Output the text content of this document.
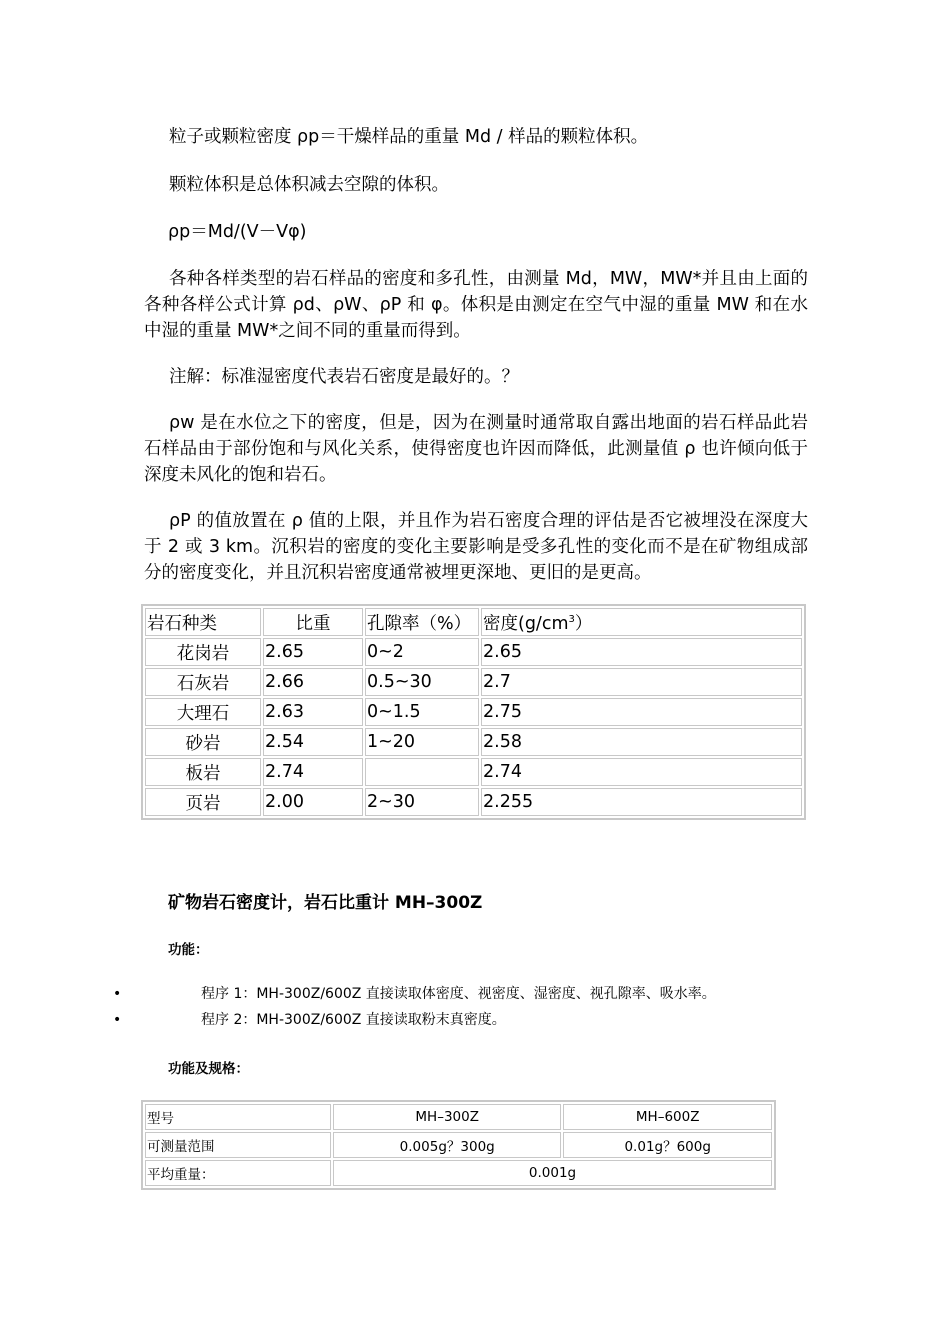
粒子或颗粒密度 ρp＝干燥样品的重量 Md / 样品的颗粒体积。

颗粒体积是总体积减去空隙的体积。

ρp＝Md/(V－Vφ)

各种各样类型的岩石样品的密度和多孔性，由测量 Md，MW，MW*并且由上面的各种各样公式计算 ρd、ρW、ρP 和 φ。体积是由测定在空气中湿的重量 MW 和在水中湿的重量 MW*之间不同的重量而得到。

注解：标准湿密度代表岩石密度是最好的。？

ρw 是在水位之下的密度，但是，因为在测量时通常取自露出地面的岩石样品此岩石样品由于部份饱和与风化关系，使得密度也许因而降低，此测量值 ρ 也许倾向低于深度未风化的饱和岩石。

ρP 的值放置在 ρ 值的上限，并且作为岩石密度合理的评估是否它被埋没在深度大于 2 或 3 km。沉积岩的密度的变化主要影响是受多孔性的变化而不是在矿物组成部分的密度变化，并且沉积岩密度通常被埋更深地、更旧的是更高。

岩石种类	比重	孔隙率（%）	密度$(g/cm^3)$
花岗岩	2.65	0~2	2.65
石灰岩	2.66	0.5~30	2.7
大理石	2.63	0~1.5	2.75
砂岩	2.54	1~20	2.58
板岩	2.74		2.74
页岩	2.00	2~30	2.255

矿物岩石密度计，岩石比重计 MH–300Z

功能：

•	程序 1：MH-300Z/600Z 直接读取体密度、视密度、湿密度、视孔隙率、吸水率。
•	程序 2：MH-300Z/600Z 直接读取粉末真密度。

功能及规格：

型号	MH–300Z	MH–600Z
可测量范围	0.005g？300g	0.01g？600g
平均重量：	0.001g	
